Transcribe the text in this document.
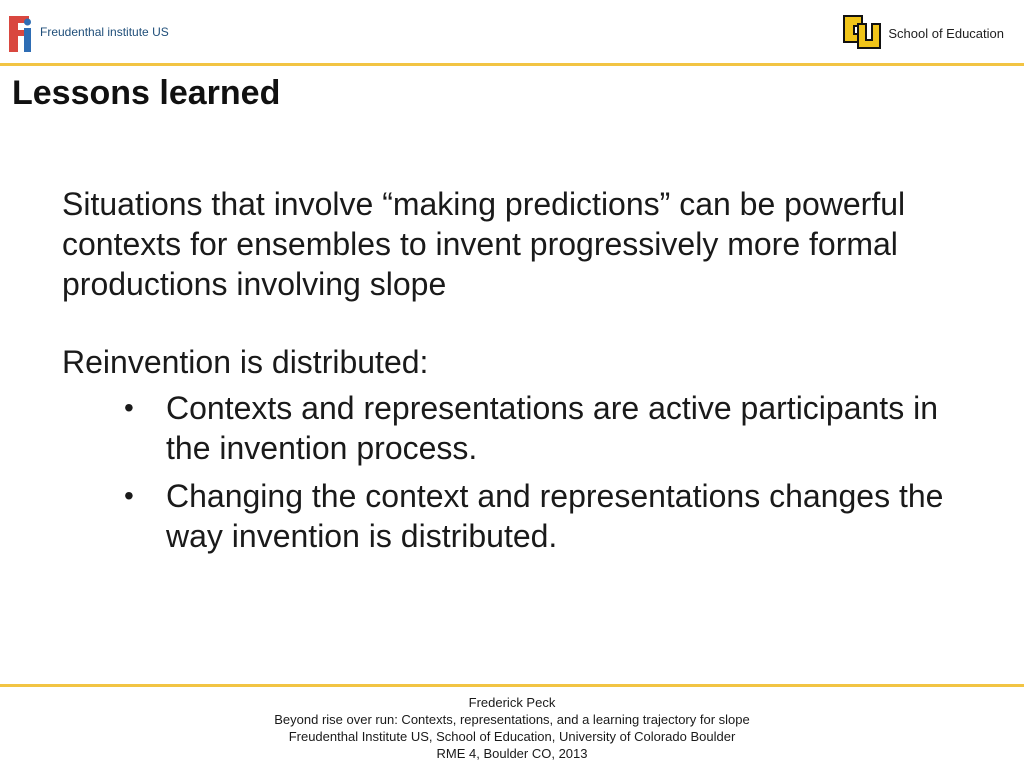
Freudenthal institute US	School of Education
Lessons learned

Situations that involve “making predictions” can be powerful contexts for ensembles to invent progressively more formal productions involving slope

Reinvention is distributed:

• Contexts and representations are active participants in the invention process.
• Changing the context and representations changes the way invention is distributed.
Frederick Peck
Beyond rise over run: Contexts, representations, and a learning trajectory for slope
Freudenthal Institute US, School of Education, University of Colorado Boulder
RME 4, Boulder CO, 2013
